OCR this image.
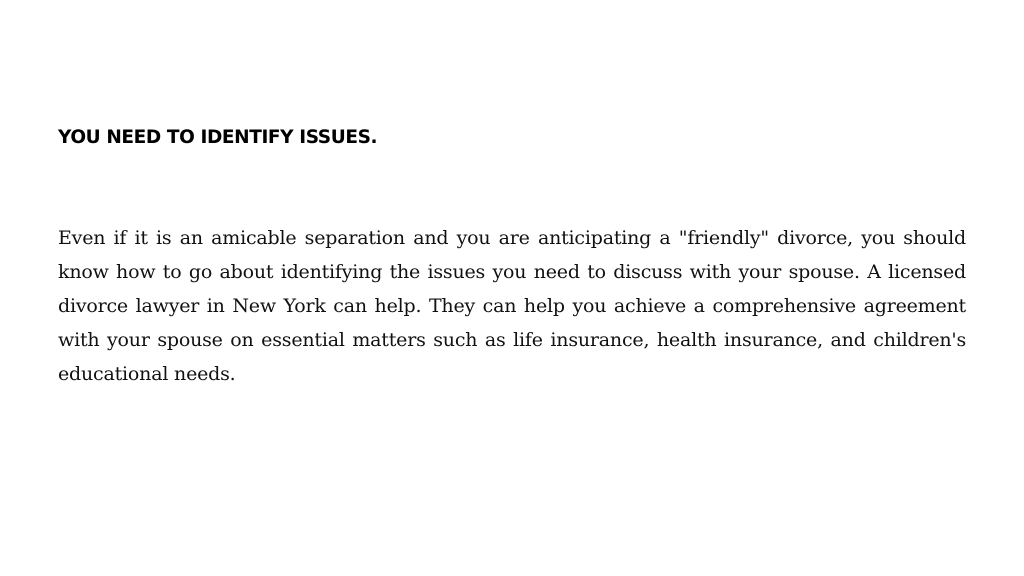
YOU NEED TO IDENTIFY ISSUES.

Even if it is an amicable separation and you are anticipating a "friendly" divorce, you should know how to go about identifying the issues you need to discuss with your spouse. A licensed divorce lawyer in New York can help. They can help you achieve a comprehensive agreement with your spouse on essential matters such as life insurance, health insurance, and children's educational needs.
